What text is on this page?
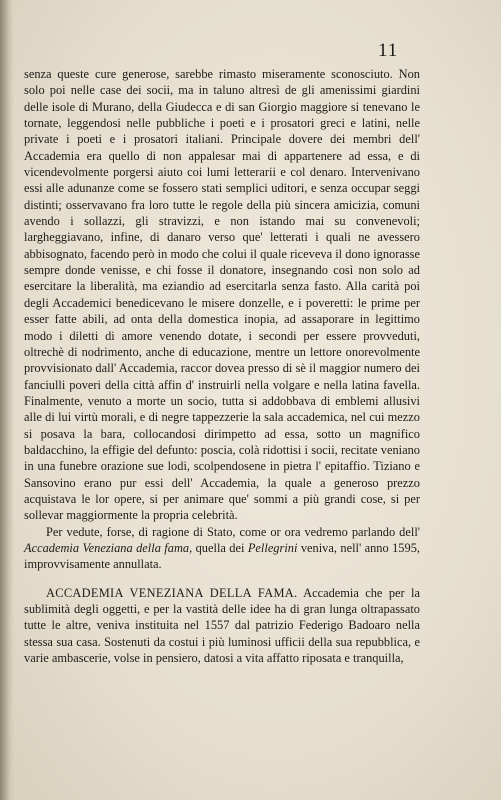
11

senza queste cure generose, sarebbe rimasto miseramente sconosciuto. Non solo poi nelle case dei socii, ma in taluno altresì de gli amenissimi giardini delle isole di Murano, della Giudecca e di san Giorgio maggiore si tenevano le tornate, leggendosi nelle pubbliche i poeti e i prosatori greci e latini, nelle private i poeti e i prosatori italiani. Principale dovere dei membri dell' Accademia era quello di non appalesar mai di appartenere ad essa, e di vicendevolmente porgersi aiuto coi lumi letterarii e col denaro. Intervenivano essi alle adunanze come se fossero stati semplici uditori, e senza occupar seggi distinti; osservavano fra loro tutte le regole della più sincera amicizia, comuni avendo i sollazzi, gli stravizzi, e non istando mai su convenevoli; largheggiavano, infine, di danaro verso que' letterati i quali ne avessero abbisognato, facendo però in modo che colui il quale riceveva il dono ignorasse sempre donde venisse, e chi fosse il donatore, insegnando così non solo ad esercitare la liberalità, ma eziandio ad esercitarla senza fasto. Alla carità poi degli Accademici benedicevano le misere donzelle, e i poveretti: le prime per esser fatte abili, ad onta della domestica inopia, ad assaporare in legittimo modo i diletti di amore venendo dotate, i secondi per essere provveduti, oltrechè di nodrimento, anche di educazione, mentre un lettore onorevolmente provvisionato dall' Accademia, raccor dovea presso di sè il maggior numero dei fanciulli poveri della città affin d' instruirli nella volgare e nella latina favella. Finalmente, venuto a morte un socio, tutta si addobbava di emblemi allusivi alle di lui virtù morali, e di negre tappezzerie la sala accademica, nel cui mezzo si posava la bara, collocandosi dirimpetto ad essa, sotto un magnifico baldacchino, la effigie del defunto: poscia, colà ridottisi i socii, recitate veniano in una funebre orazione sue lodi, scolpendosene in pietra l' epitaffio. Tiziano e Sansovino erano pur essi dell' Accademia, la quale a generoso prezzo acquistava le lor opere, si per animare que' sommi a più grandi cose, si per sollevar maggiormente la propria celebrità.

Per vedute, forse, di ragione di Stato, come or ora vedremo parlando dell' Accademia Veneziana della fama, quella dei Pellegrini veniva, nell' anno 1595, improvvisamente annullata.

ACCADEMIA VENEZIANA DELLA FAMA. Accademia che per la sublimità degli oggetti, e per la vastità delle idee ha di gran lunga oltrapassato tutte le altre, veniva instituita nel 1557 dal patrizio Federigo Badoaro nella stessa sua casa. Sostenuti da costui i più luminosi ufficii della sua repubblica, e varie ambascerie, volse in pensiero, datosi a vita affatto riposata e tranquilla,
